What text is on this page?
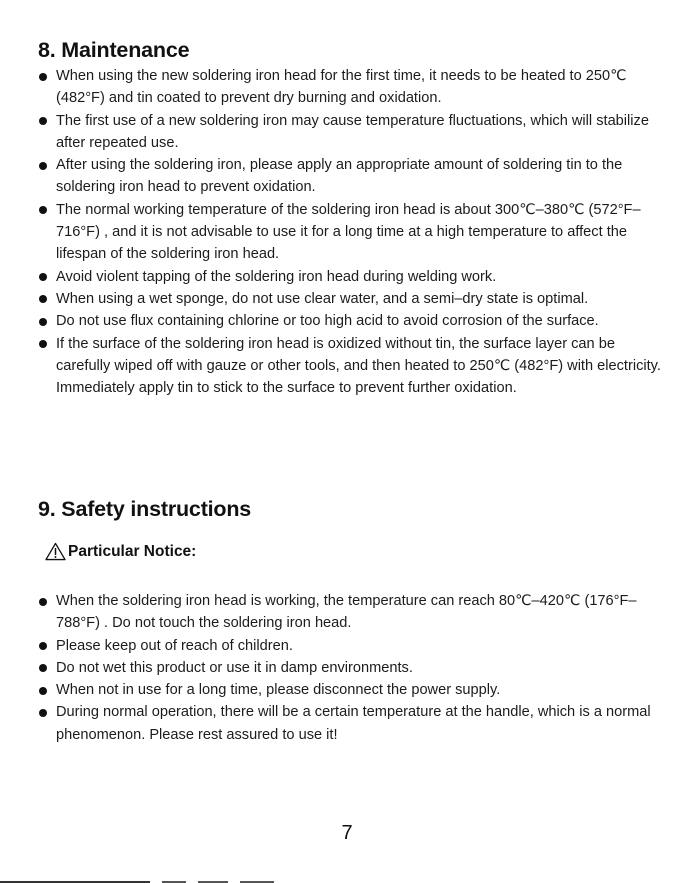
8. Maintenance
When using the new soldering iron head for the first time, it needs to be heated to 250℃ (482°F) and tin coated to prevent dry burning and oxidation.
The first use of a new soldering iron may cause temperature fluctuations, which will stabilize after repeated use.
After using the soldering iron, please apply an appropriate amount of soldering tin to the soldering iron head to prevent oxidation.
The normal working temperature of the soldering iron head is about 300℃–380℃ (572°F–716°F) , and it is not advisable to use it for a long time at a high temperature to affect the lifespan of the soldering iron head.
Avoid violent tapping of the soldering iron head during welding work.
When using a wet sponge, do not use clear water, and a semi–dry state is optimal.
Do not use flux containing chlorine or too high acid to avoid corrosion of the surface.
If the surface of the soldering iron head is oxidized without tin, the surface layer can be carefully wiped off with gauze or other tools, and then heated to 250℃ (482°F) with electricity. Immediately apply tin to stick to the surface to prevent further oxidation.
9. Safety instructions
Particular Notice:
When the soldering iron head is working, the temperature can reach 80℃–420℃ (176°F–788°F) . Do not touch the soldering iron head.
Please keep out of reach of children.
Do not wet this product or use it in damp environments.
When not in use for a long time, please disconnect the power supply.
During normal operation, there will be a certain temperature at the handle, which is a normal phenomenon. Please rest assured to use it!
7
